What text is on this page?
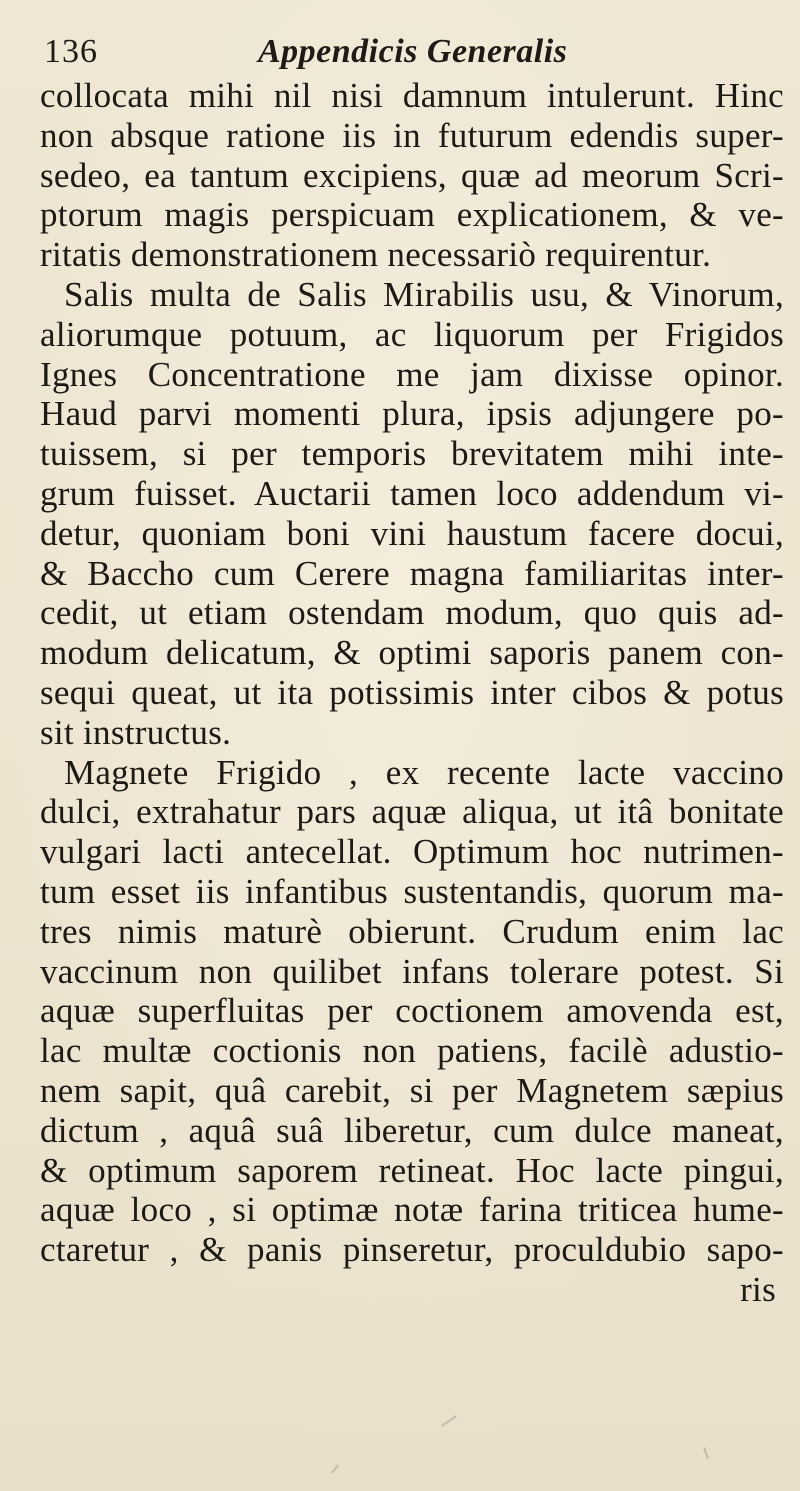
136	Appendicis Generalis
collocata mihi nil nisi damnum intulerunt. Hinc
non absque ratione iis in futurum edendis super-
sedeo, ea tantum excipiens, quæ ad meorum Scri-
ptorum magis perspicuam explicationem, & ve-
ritatis demonstrationem necessariò requirentur.
Salis multa de Salis Mirabilis usu, & Vinorum,
aliorumque potuum, ac liquorum per Frigidos
Ignes Concentratione me jam dixisse opinor.
Haud parvi momenti plura, ipsis adjungere po-
tuissem, si per temporis brevitatem mihi inte-
grum fuisset. Auctarii tamen loco addendum vi-
detur, quoniam boni vini haustum facere docui,
& Baccho cum Cerere magna familiaritas inter-
cedit, ut etiam ostendam modum, quo quis ad-
modum delicatum, & optimi saporis panem con-
sequi queat, ut ita potissimis inter cibos & potus
sit instructus.
Magnete Frigido , ex recente lacte vaccino
dulci, extrahatur pars aquæ aliqua, ut itâ bonitate
vulgari lacti antecellat. Optimum hoc nutrimen-
tum esset iis infantibus sustentandis, quorum ma-
tres nimis maturè obierunt. Crudum enim lac
vaccinum non quilibet infans tolerare potest. Si
aquæ superfluitas per coctionem amovenda est,
lac multæ coctionis non patiens, facilè adustio-
nem sapit, quâ carebit, si per Magnetem sæpius
dictum , aquâ suâ liberetur, cum dulce maneat,
& optimum saporem retineat. Hoc lacte pingui,
aquæ loco , si optimæ notæ farina triticea hume-
ctaretur , & panis pinseretur, proculdubio sapo-
ris
